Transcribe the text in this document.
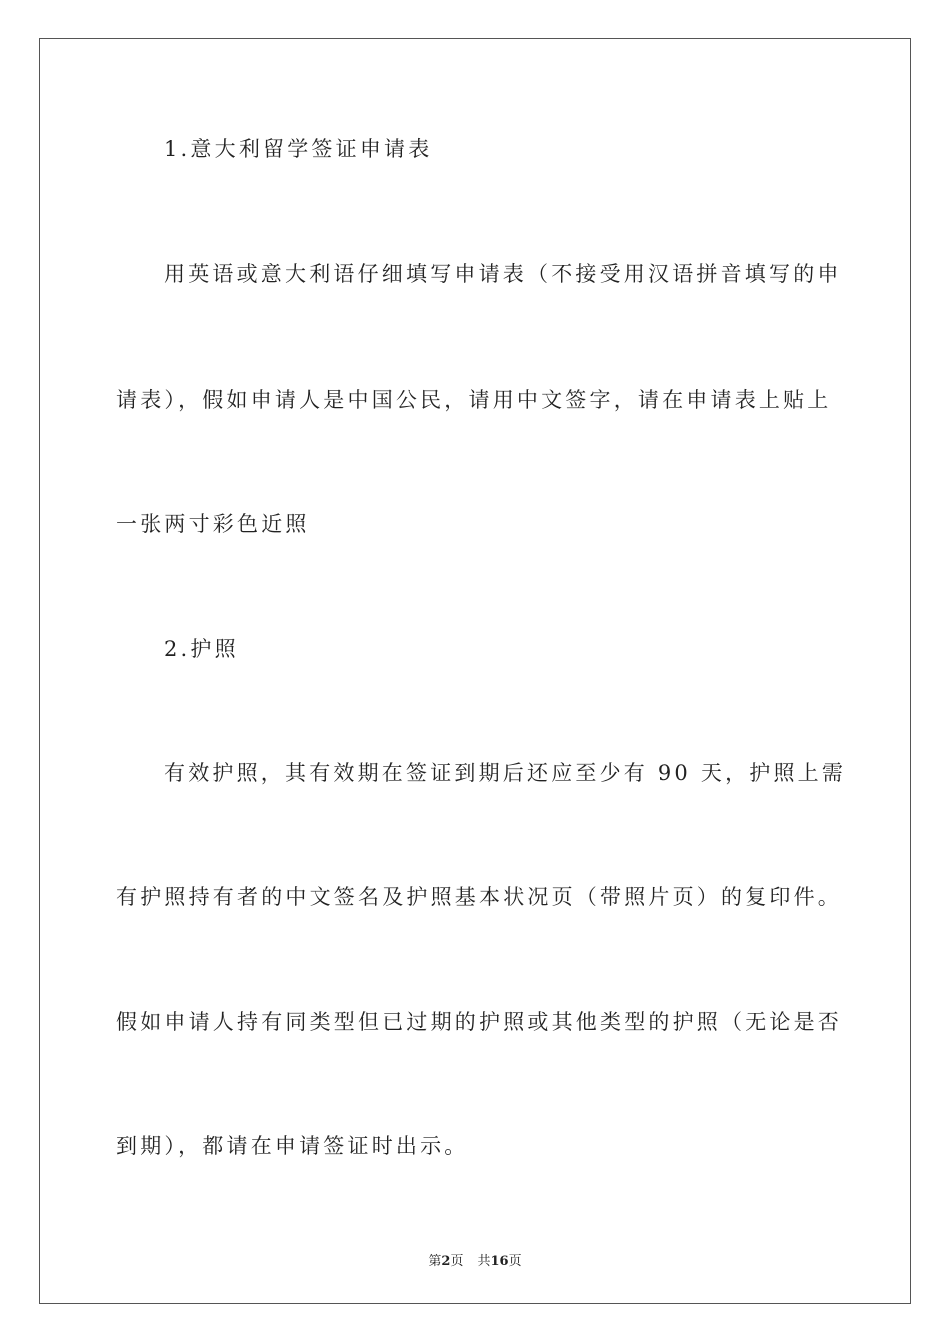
1.意大利留学签证申请表
用英语或意大利语仔细填写申请表（不接受用汉语拼音填写的申
请表），假如申请人是中国公民，请用中文签字，请在申请表上贴上
一张两寸彩色近照
2.护照
有效护照，其有效期在签证到期后还应至少有 90 天，护照上需
有护照持有者的中文签名及护照基本状况页（带照片页）的复印件。
假如申请人持有同类型但已过期的护照或其他类型的护照（无论是否
到期），都请在申请签证时出示。
第2页 共16页
